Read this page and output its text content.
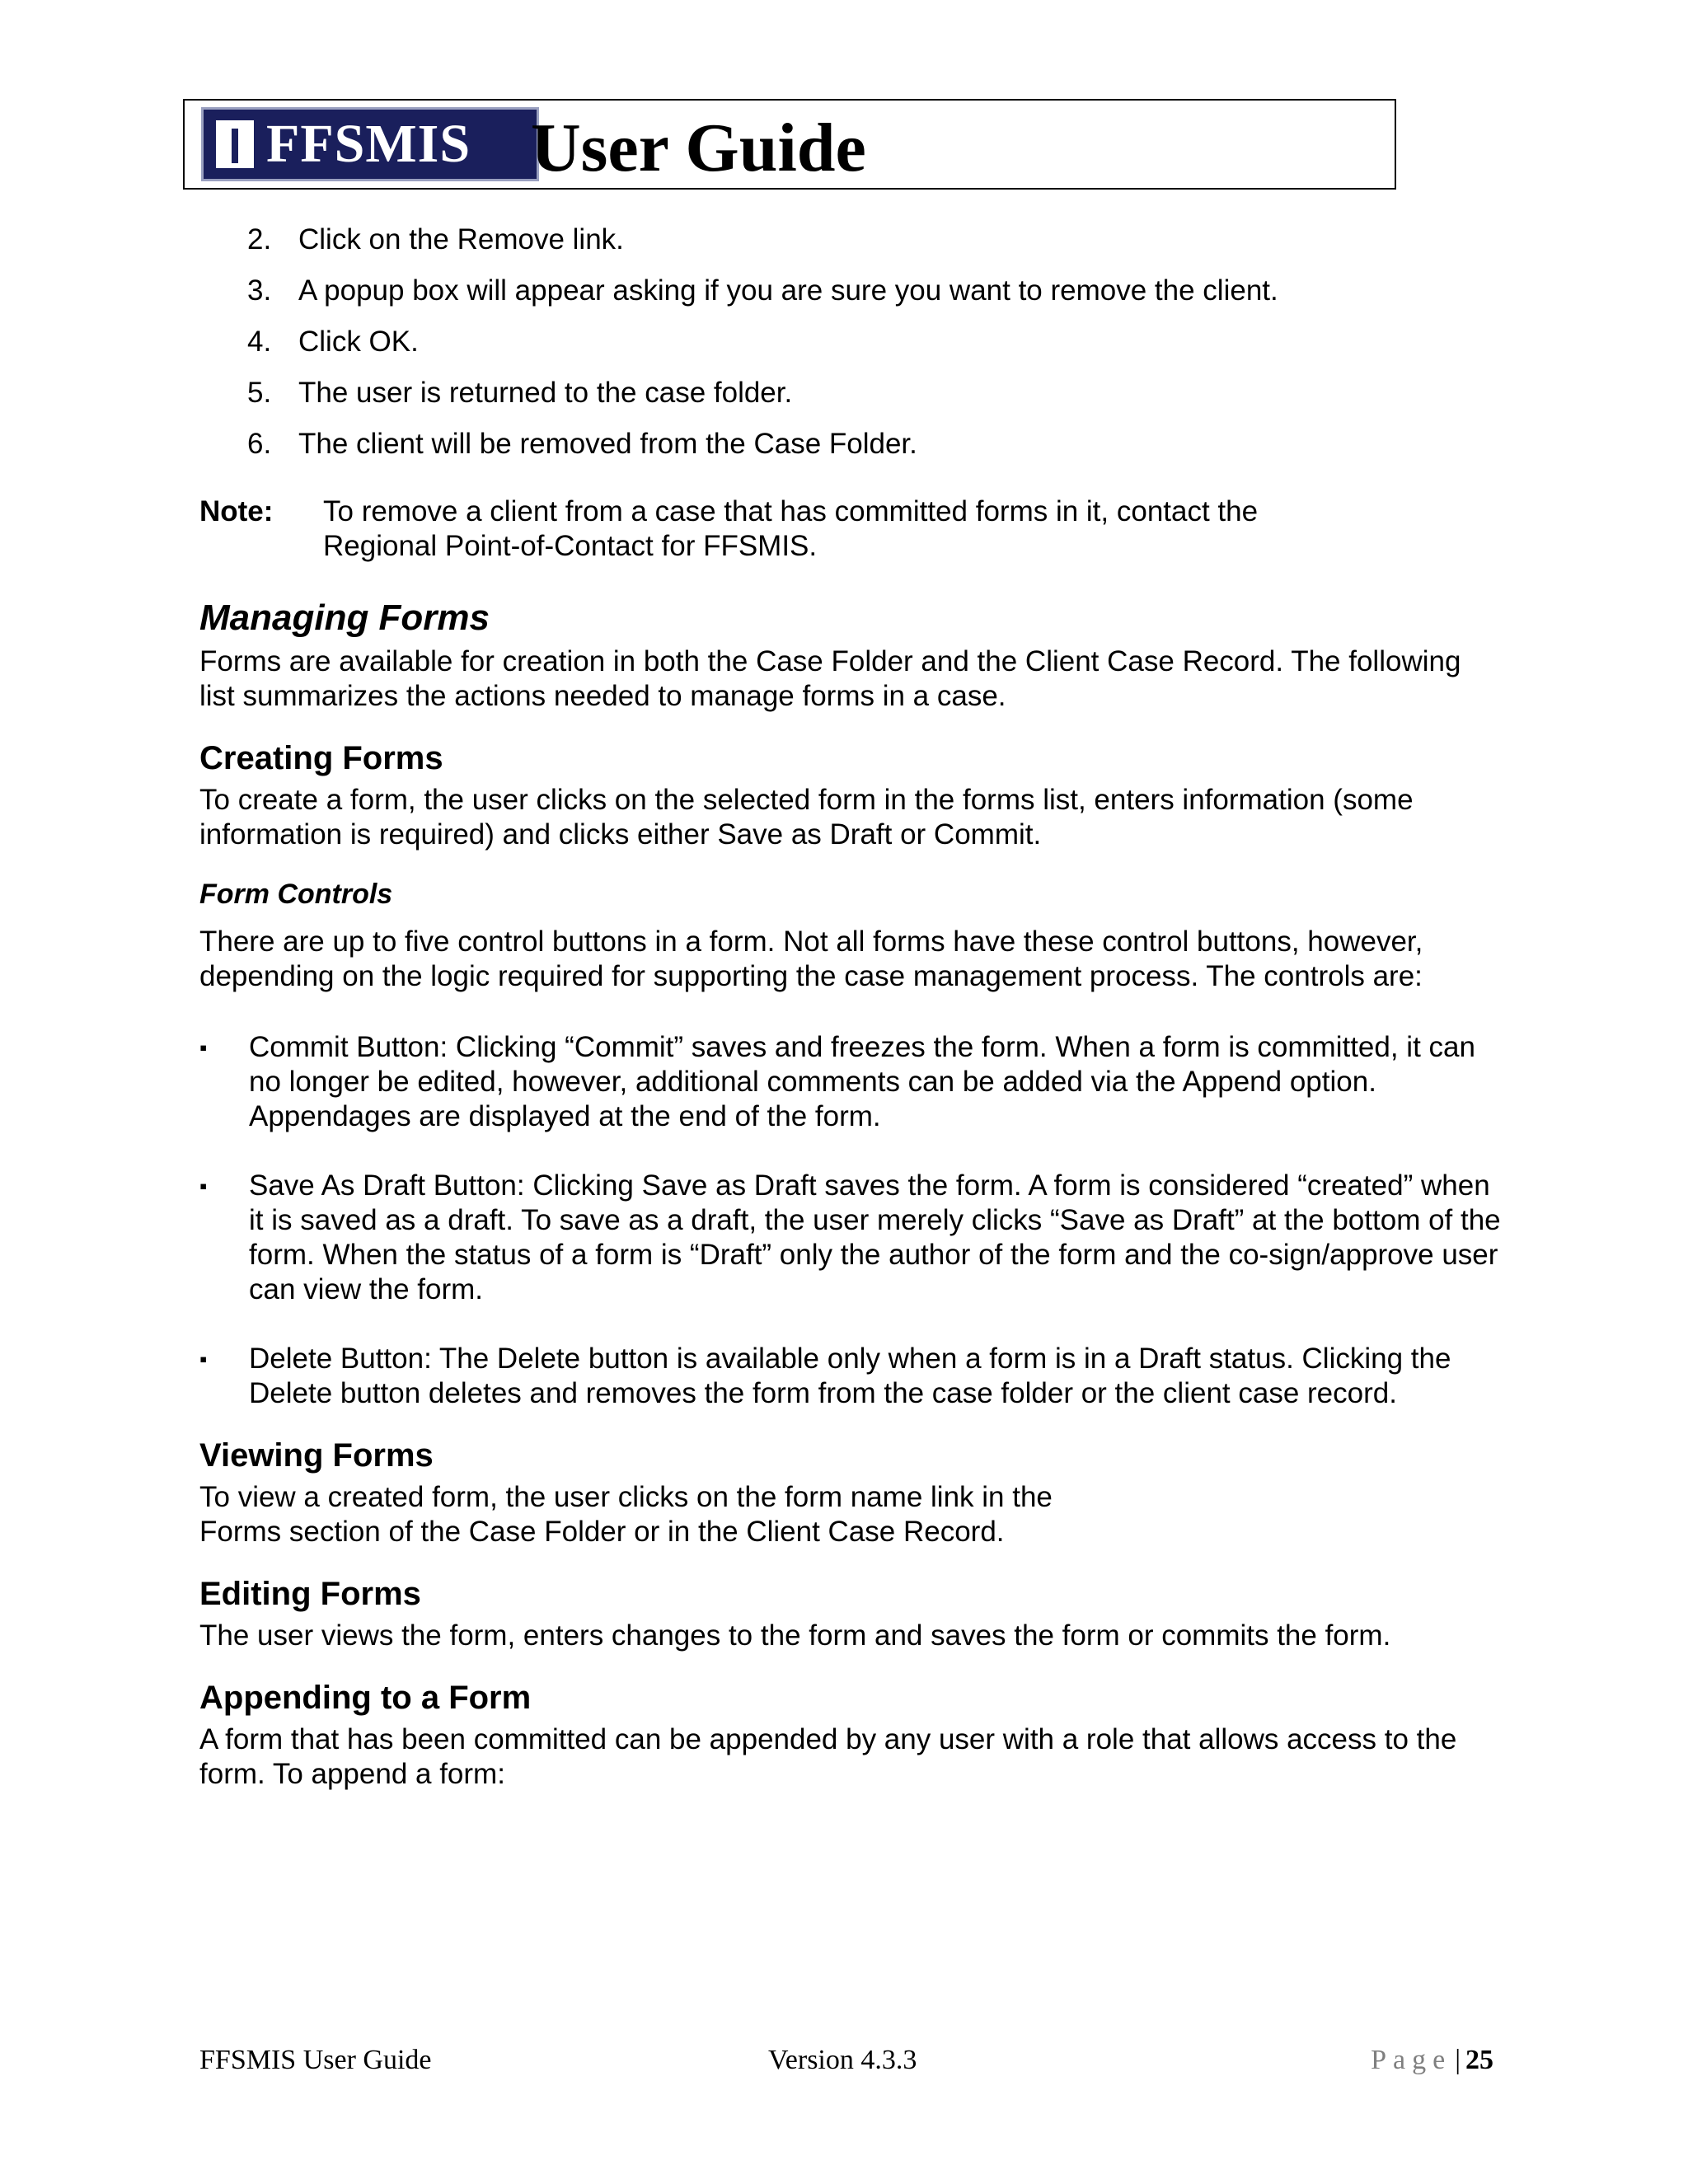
FFSMIS User Guide
2. Click on the Remove link.
3. A popup box will appear asking if you are sure you want to remove the client.
4. Click OK.
5. The user is returned to the case folder.
6. The client will be removed from the Case Folder.
Note: To remove a client from a case that has committed forms in it, contact the Regional Point-of-Contact for FFSMIS.

Managing Forms

Forms are available for creation in both the Case Folder and the Client Case Record. The following list summarizes the actions needed to manage forms in a case.

Creating Forms

To create a form, the user clicks on the selected form in the forms list, enters information (some information is required) and clicks either Save as Draft or Commit.

Form Controls

There are up to five control buttons in a form. Not all forms have these control buttons, however, depending on the logic required for supporting the case management process. The controls are:

▪ Commit Button: Clicking “Commit” saves and freezes the form. When a form is committed, it can no longer be edited, however, additional comments can be added via the Append option. Appendages are displayed at the end of the form.
▪ Save As Draft Button: Clicking Save as Draft saves the form. A form is considered “created” when it is saved as a draft. To save as a draft, the user merely clicks “Save as Draft” at the bottom of the form. When the status of a form is “Draft” only the author of the form and the co-sign/approve user can view the form.
▪ Delete Button: The Delete button is available only when a form is in a Draft status. Clicking the Delete button deletes and removes the form from the case folder or the client case record.
Viewing Forms

To view a created form, the user clicks on the form name link in the

Forms section of the Case Folder or in the Client Case Record.

Editing Forms

The user views the form, enters changes to the form and saves the form or commits the form.

Appending to a Form

A form that has been committed can be appended by any user with a role that allows access to the form. To append a form:

FFSMIS User Guide	Version 4.3.3	Page | 25
